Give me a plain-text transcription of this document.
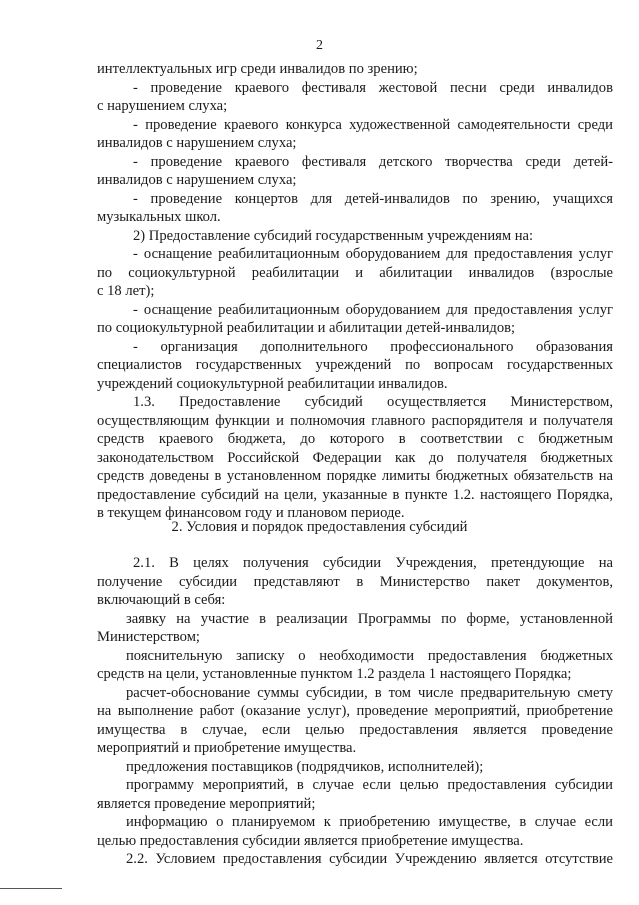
2

интеллектуальных игр среди инвалидов по зрению;

- проведение краевого фестиваля жестовой песни среди инвалидов

с нарушением слуха;

- проведение краевого конкурса художественной самодеятельности среди

инвалидов с нарушением слуха;

- проведение краевого фестиваля детского творчества среди детей-

инвалидов с нарушением слуха;

- проведение концертов для детей-инвалидов по зрению, учащихся

музыкальных школ.

2) Предоставление субсидий государственным учреждениям на:

- оснащение реабилитационным оборудованием для предоставления услуг

по социокультурной реабилитации и абилитации инвалидов (взрослые

с 18 лет);

- оснащение реабилитационным оборудованием для предоставления услуг

по социокультурной реабилитации и абилитации детей-инвалидов;

- организация дополнительного профессионального образования

специалистов государственных учреждений по вопросам государственных

учреждений социокультурной реабилитации инвалидов.

1.3. Предоставление субсидий осуществляется Министерством,

осуществляющим функции и полномочия главного распорядителя и получателя

средств краевого бюджета, до которого в соответствии с бюджетным

законодательством Российской Федерации как до получателя бюджетных

средств доведены в установленном порядке лимиты бюджетных обязательств на

предоставление субсидий на цели, указанные в пункте 1.2. настоящего Порядка,

в текущем финансовом году и плановом периоде.

2. Условия и порядок предоставления субсидий

2.1. В целях получения субсидии Учреждения, претендующие на

получение субсидии представляют в Министерство пакет документов,

включающий в себя:

заявку на участие в реализации Программы по форме, установленной

Министерством;

пояснительную записку о необходимости предоставления бюджетных

средств на цели, установленные пунктом 1.2 раздела 1 настоящего Порядка;

расчет-обоснование суммы субсидии, в том числе предварительную смету

на выполнение работ (оказание услуг), проведение мероприятий, приобретение

имущества в случае, если целью предоставления является проведение

мероприятий и приобретение имущества.

предложения поставщиков (подрядчиков, исполнителей);

программу мероприятий, в случае если целью предоставления субсидии

является проведение мероприятий;

информацию о планируемом к приобретению имуществе, в случае если

целью предоставления субсидии является приобретение имущества.

2.2. Условием предоставления субсидии Учреждению является отсутствие
